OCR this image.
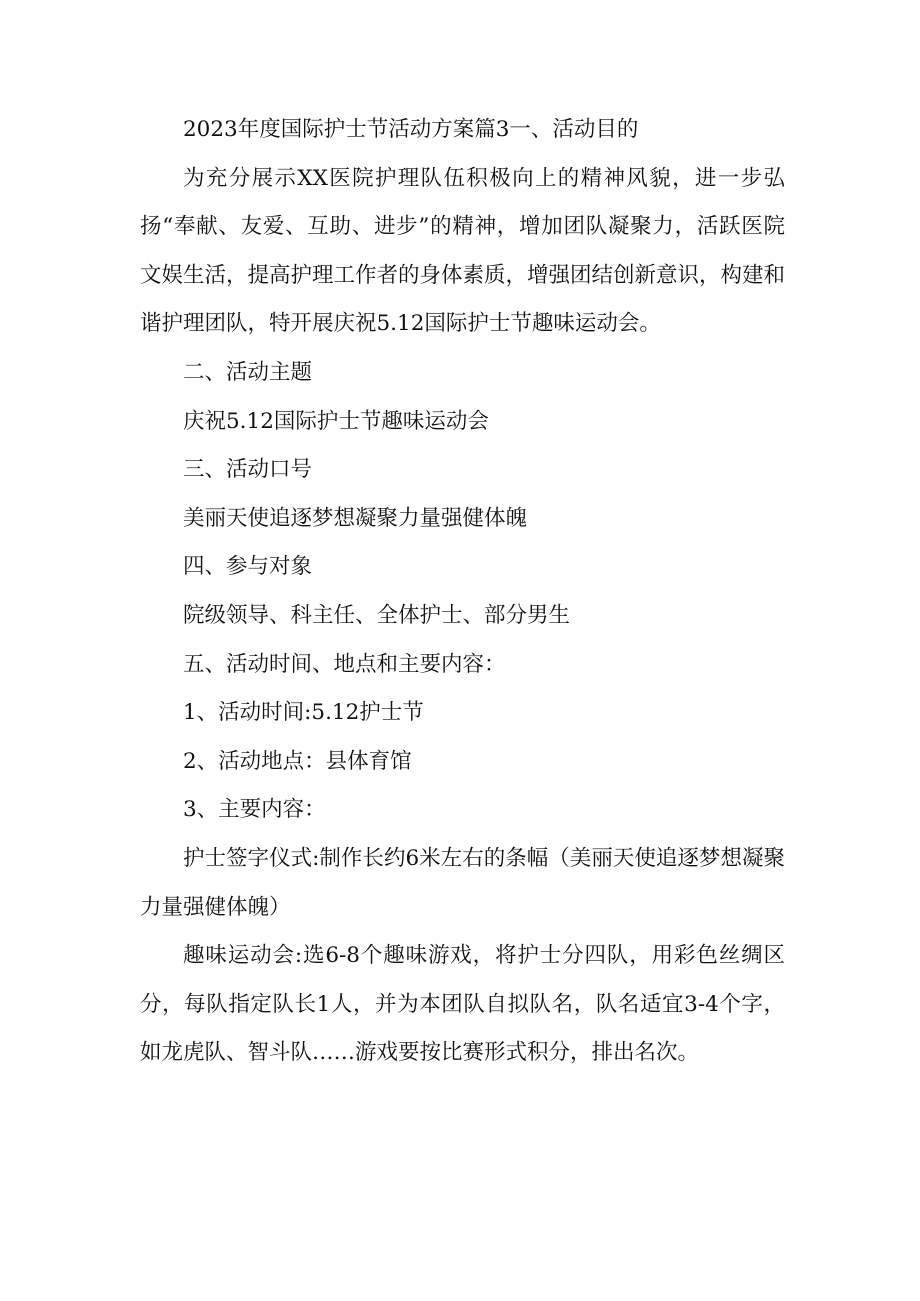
2023年度国际护士节活动方案篇3一、活动目的

为充分展示XX医院护理队伍积极向上的精神风貌，进一步弘扬“奉献、友爱、互助、进步”的精神，增加团队凝聚力，活跃医院文娱生活，提高护理工作者的身体素质，增强团结创新意识，构建和谐护理团队，特开展庆祝5.12国际护士节趣味运动会。

二、活动主题

庆祝5.12国际护士节趣味运动会

三、活动口号

美丽天使追逐梦想凝聚力量强健体魄

四、参与对象

院级领导、科主任、全体护士、部分男生

五、活动时间、地点和主要内容：

1、活动时间:5.12护士节

2、活动地点：县体育馆

3、主要内容：

护士签字仪式:制作长约6米左右的条幅（美丽天使追逐梦想凝聚力量强健体魄）

趣味运动会:选6-8个趣味游戏，将护士分四队，用彩色丝绸区分，每队指定队长1人，并为本团队自拟队名，队名适宜3-4个字，如龙虎队、智斗队……游戏要按比赛形式积分，排出名次。
